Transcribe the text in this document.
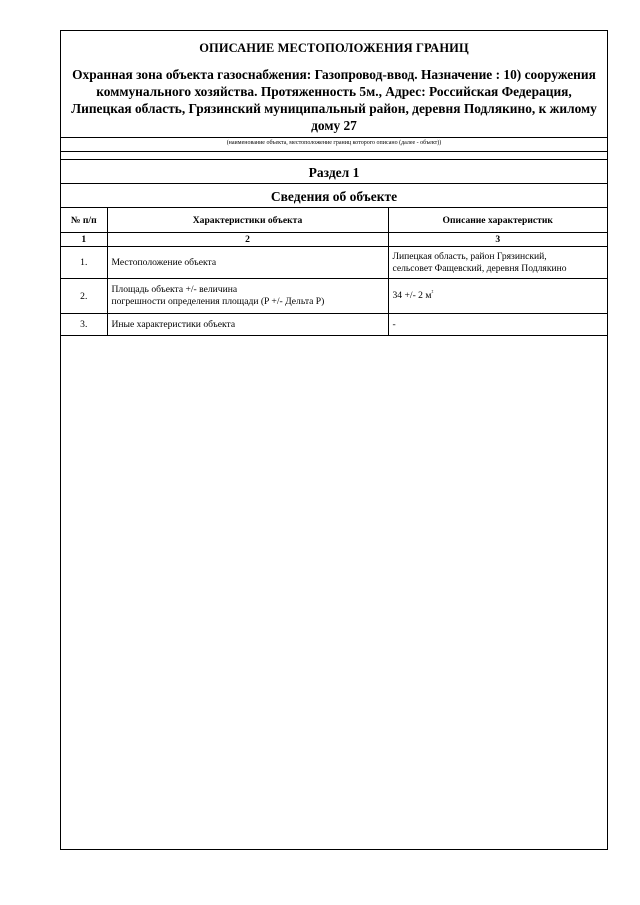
ОПИСАНИЕ МЕСТОПОЛОЖЕНИЯ ГРАНИЦ

Охранная зона объекта газоснабжения: Газопровод-ввод. Назначение : 10) сооружения коммунального хозяйства. Протяженность 5м., Адрес: Российская Федерация, Липецкая область, Грязинский муниципальный район, деревня Подлякино, к жилому дому 27

(наименование объекта, местоположение границ которого описано (далее - объект))
Раздел 1
Сведения об объекте
№ п/п	Характеристики объекта	Описание характеристик
1	2	3
1.	Местоположение объекта	Липецкая область, район Грязинский,
сельсовет Фащевский, деревня Подлякино

2.	Площадь объекта +/- величина
погрешности определения площади (P +/- Дельта P)	34 +/- 2 $м^{^2}$
3.	Иные характеристики объекта	-
